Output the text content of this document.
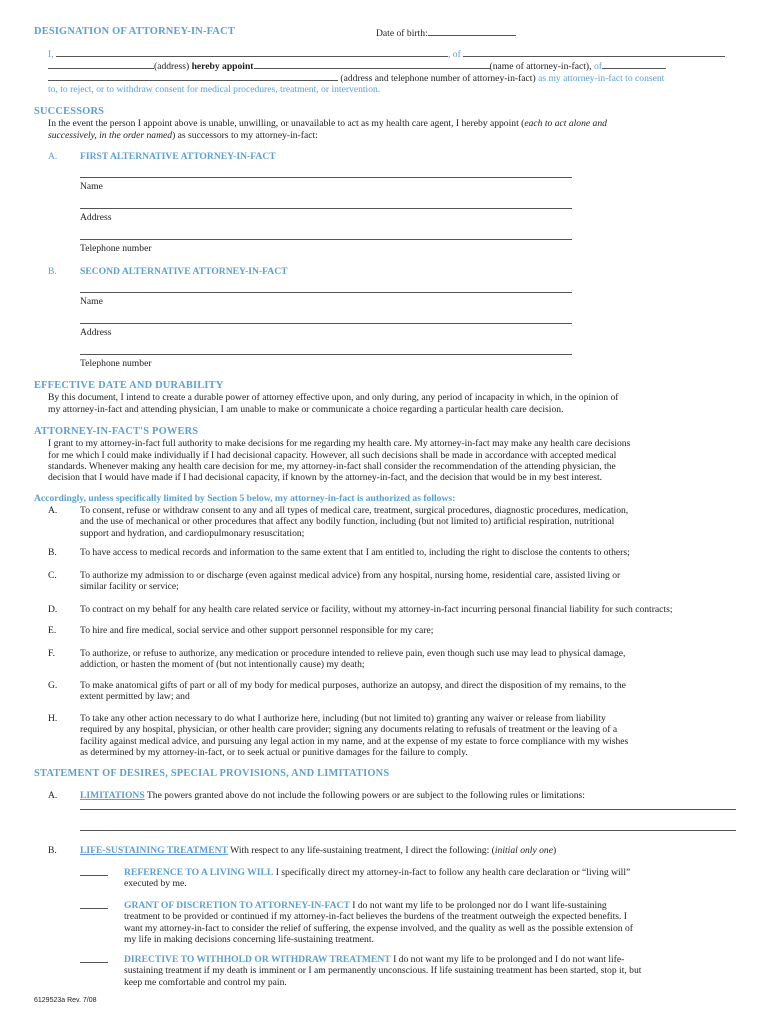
DESIGNATION OF ATTORNEY-IN-FACT	Date of birth:
I,	, of
(address) hereby appoint	(name of attorney-in-fact), of
(address and telephone number of attorney-in-fact) as my attorney-in-fact to consent
to, to reject, or to withdraw consent for medical procedures, treatment, or intervention.
SUCCESSORS
In the event the person I appoint above is unable, unwilling, or unavailable to act as my health care agent, I hereby appoint (each to act alone and
successively, in the order named) as successors to my attorney-in-fact:
A. FIRST ALTERNATIVE ATTORNEY-IN-FACT
Name
Address
Telephone number
B. SECOND ALTERNATIVE ATTORNEY-IN-FACT
Name
Address
Telephone number
EFFECTIVE DATE AND DURABILITY
By this document, I intend to create a durable power of attorney effective upon, and only during, any period of incapacity in which, in the opinion of
my attorney-in-fact and attending physician, I am unable to make or communicate a choice regarding a particular health care decision.
ATTORNEY-IN-FACT'S POWERS
I grant to my attorney-in-fact full authority to make decisions for me regarding my health care. My attorney-in-fact may make any health care decisions
for me which I could make individually if I had decisional capacity. However, all such decisions shall be made in accordance with accepted medical
standards. Whenever making any health care decision for me, my attorney-in-fact shall consider the recommendation of the attending physician, the
decision that I would have made if I had decisional capacity, if known by the attorney-in-fact, and the decision that would be in my best interest.
Accordingly, unless specifically limited by Section 5 below, my attorney-in-fact is authorized as follows:
A. To consent, refuse or withdraw consent to any and all types of medical care, treatment, surgical procedures, diagnostic procedures, medication,
and the use of mechanical or other procedures that affect any bodily function, including (but not limited to) artificial respiration, nutritional
support and hydration, and cardiopulmonary resuscitation;
B. To have access to medical records and information to the same extent that I am entitled to, including the right to disclose the contents to others;
C. To authorize my admission to or discharge (even against medical advice) from any hospital, nursing home, residential care, assisted living or
similar facility or service;
D. To contract on my behalf for any health care related service or facility, without my attorney-in-fact incurring personal financial liability for such contracts;
E. To hire and fire medical, social service and other support personnel responsible for my care;
F.	To authorize, or refuse to authorize, any medication or procedure intended to relieve pain, even though such use may lead to physical damage,
addiction, or hasten the moment of (but not intentionally cause) my death;
G. To make anatomical gifts of part or all of my body for medical purposes, authorize an autopsy, and direct the disposition of my remains, to the
extent permitted by law; and
H. To take any other action necessary to do what I authorize here, including (but not limited to) granting any waiver or release from liability
required by any hospital, physician, or other health care provider; signing any documents relating to refusals of treatment or the leaving of a
facility against medical advice, and pursuing any legal action in my name, and at the expense of my estate to force compliance with my wishes
as determined by my attorney-in-fact, or to seek actual or punitive damages for the failure to comply.
STATEMENT OF DESIRES, SPECIAL PROVISIONS, AND LIMITATIONS
A. LIMITATIONS The powers granted above do not include the following powers or are subject to the following rules or limitations:
B. LIFE-SUSTAINING TREATMENT With respect to any life-sustaining treatment, I direct the following: (initial only one)
REFERENCE TO A LIVING WILL I specifically direct my attorney-in-fact to follow any health care declaration or “living will”
executed by me.
GRANT OF DISCRETION TO ATTORNEY-IN-FACT I do not want my life to be prolonged nor do I want life-sustaining
treatment to be provided or continued if my attorney-in-fact believes the burdens of the treatment outweigh the expected benefits. I
want my attorney-in-fact to consider the relief of suffering, the expense involved, and the quality as well as the possible extension of
my life in making decisions concerning life-sustaining treatment.
DIRECTIVE TO WITHHOLD OR WITHDRAW TREATMENT I do not want my life to be prolonged and I do not want life-
sustaining treatment if my death is imminent or I am permanently unconscious. If life sustaining treatment has been started, stop it, but
keep me comfortable and control my pain.
6129523a Rev. 7/08
